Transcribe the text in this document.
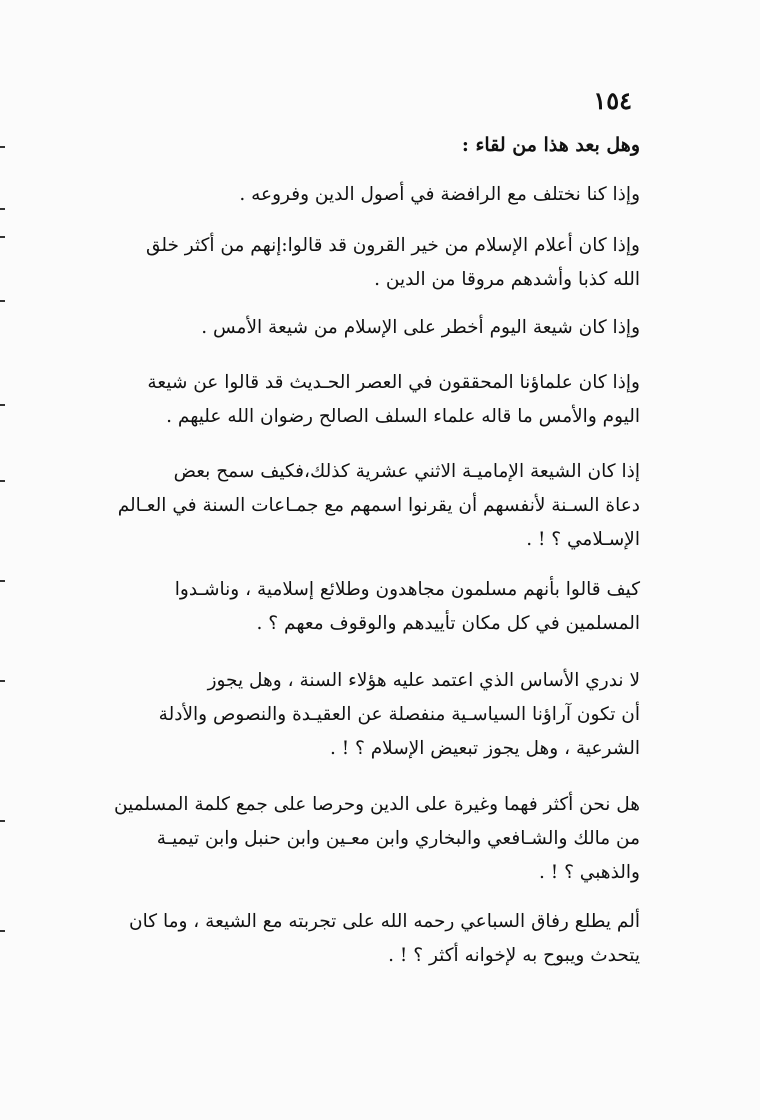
١٥٤
وهل بعد هذا من لقاء :
وإذا كنا نختلف مع الرافضة في أصول الدين وفروعه .
وإذا كان أعلام الإسلام من خير القرون قد قالوا:إنهم من أكثر خلق
الله كذبا وأشدهم مروقا من الدين .
وإذا كان شيعة اليوم أخطر على الإسلام من شيعة الأمس .
وإذا كان علماؤنا المحققون في العصر الحـديث قد قالوا عن شيعة
اليوم والأمس ما قاله علماء السلف الصالح رضوان الله عليهم .
إذا كان الشيعة الإماميـة الاثني عشرية كذلك،فكيف سمح بعض
دعاة السـنة لأنفسهم أن يقرنوا اسمهم مع جمـاعات السنة في العـالم
الإسـلامي ؟ ! .
كيف قالوا بأنهم مسلمون مجاهدون وطلائع إسلامية ، وناشـدوا
المسلمين في كل مكان تأييدهم والوقوف معهم ؟ .
لا ندري الأساس الذي اعتمد عليه هؤلاء السنة ، وهل يجوز
أن تكون آراؤنا السياسـية منفصلة عن العقيـدة والنصوص والأدلة
الشرعية ، وهل يجوز تبعيض الإسلام ؟ ! .
هل نحن أكثر فهما وغيرة على الدين وحرصا على جمع كلمة المسلمين
من مالك والشـافعي والبخاري وابن معـين وابن حنبل وابن تيميـة
والذهبي ؟ ! .
ألم يطلع رفاق السباعي رحمه الله على تجربته مع الشيعة ، وما كان
يتحدث ويبوح به لإخوانه أكثر ؟ ! .
